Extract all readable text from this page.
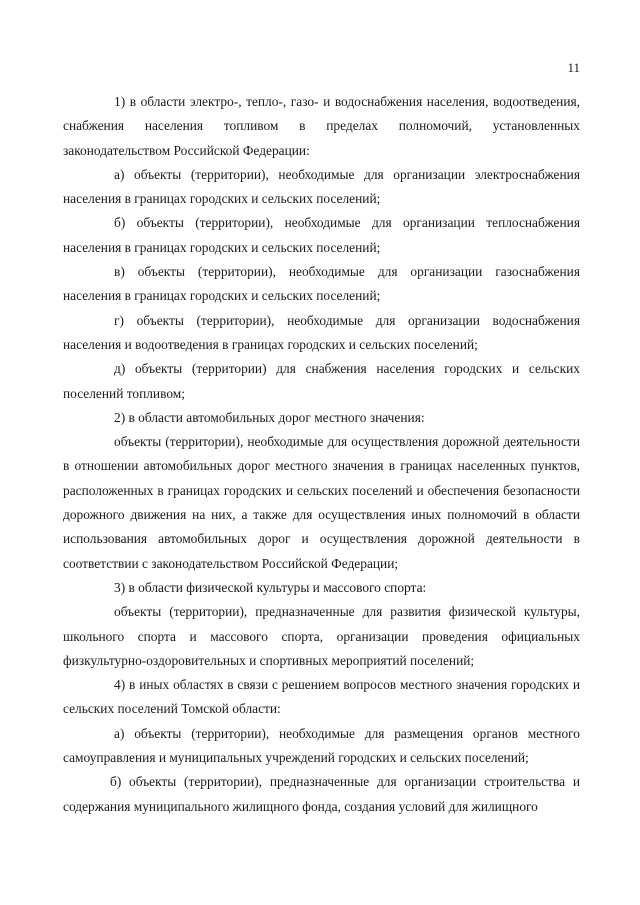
11

1) в области электро-, тепло-, газо- и водоснабжения населения, водоотведения, снабжения населения топливом в пределах полномочий, установленных законодательством Российской Федерации:

а) объекты (территории), необходимые для организации электроснабжения населения в границах городских и сельских поселений;

б) объекты (территории), необходимые для организации теплоснабжения населения в границах городских и сельских поселений;

в) объекты (территории), необходимые для организации газоснабжения населения в границах городских и сельских поселений;

г) объекты (территории), необходимые для организации водоснабжения населения и водоотведения в границах городских и сельских поселений;

д) объекты (территории) для снабжения населения городских и сельских поселений топливом;

2) в области автомобильных дорог местного значения:

объекты (территории), необходимые для осуществления дорожной деятельности в отношении автомобильных дорог местного значения в границах населенных пунктов, расположенных в границах городских и сельских поселений и обеспечения безопасности дорожного движения на них, а также для осуществления иных полномочий в области использования автомобильных дорог и осуществления дорожной деятельности в соответствии с законодательством Российской Федерации;

3) в области физической культуры и массового спорта:

объекты (территории), предназначенные для развития физической культуры, школьного спорта и массового спорта, организации проведения официальных физкультурно-оздоровительных и спортивных мероприятий поселений;

4) в иных областях в связи с решением вопросов местного значения городских и сельских поселений Томской области:

а) объекты (территории), необходимые для размещения органов местного самоуправления и муниципальных учреждений городских и сельских поселений;

б) объекты (территории), предназначенные для организации строительства и содержания муниципального жилищного фонда, создания условий для жилищного
